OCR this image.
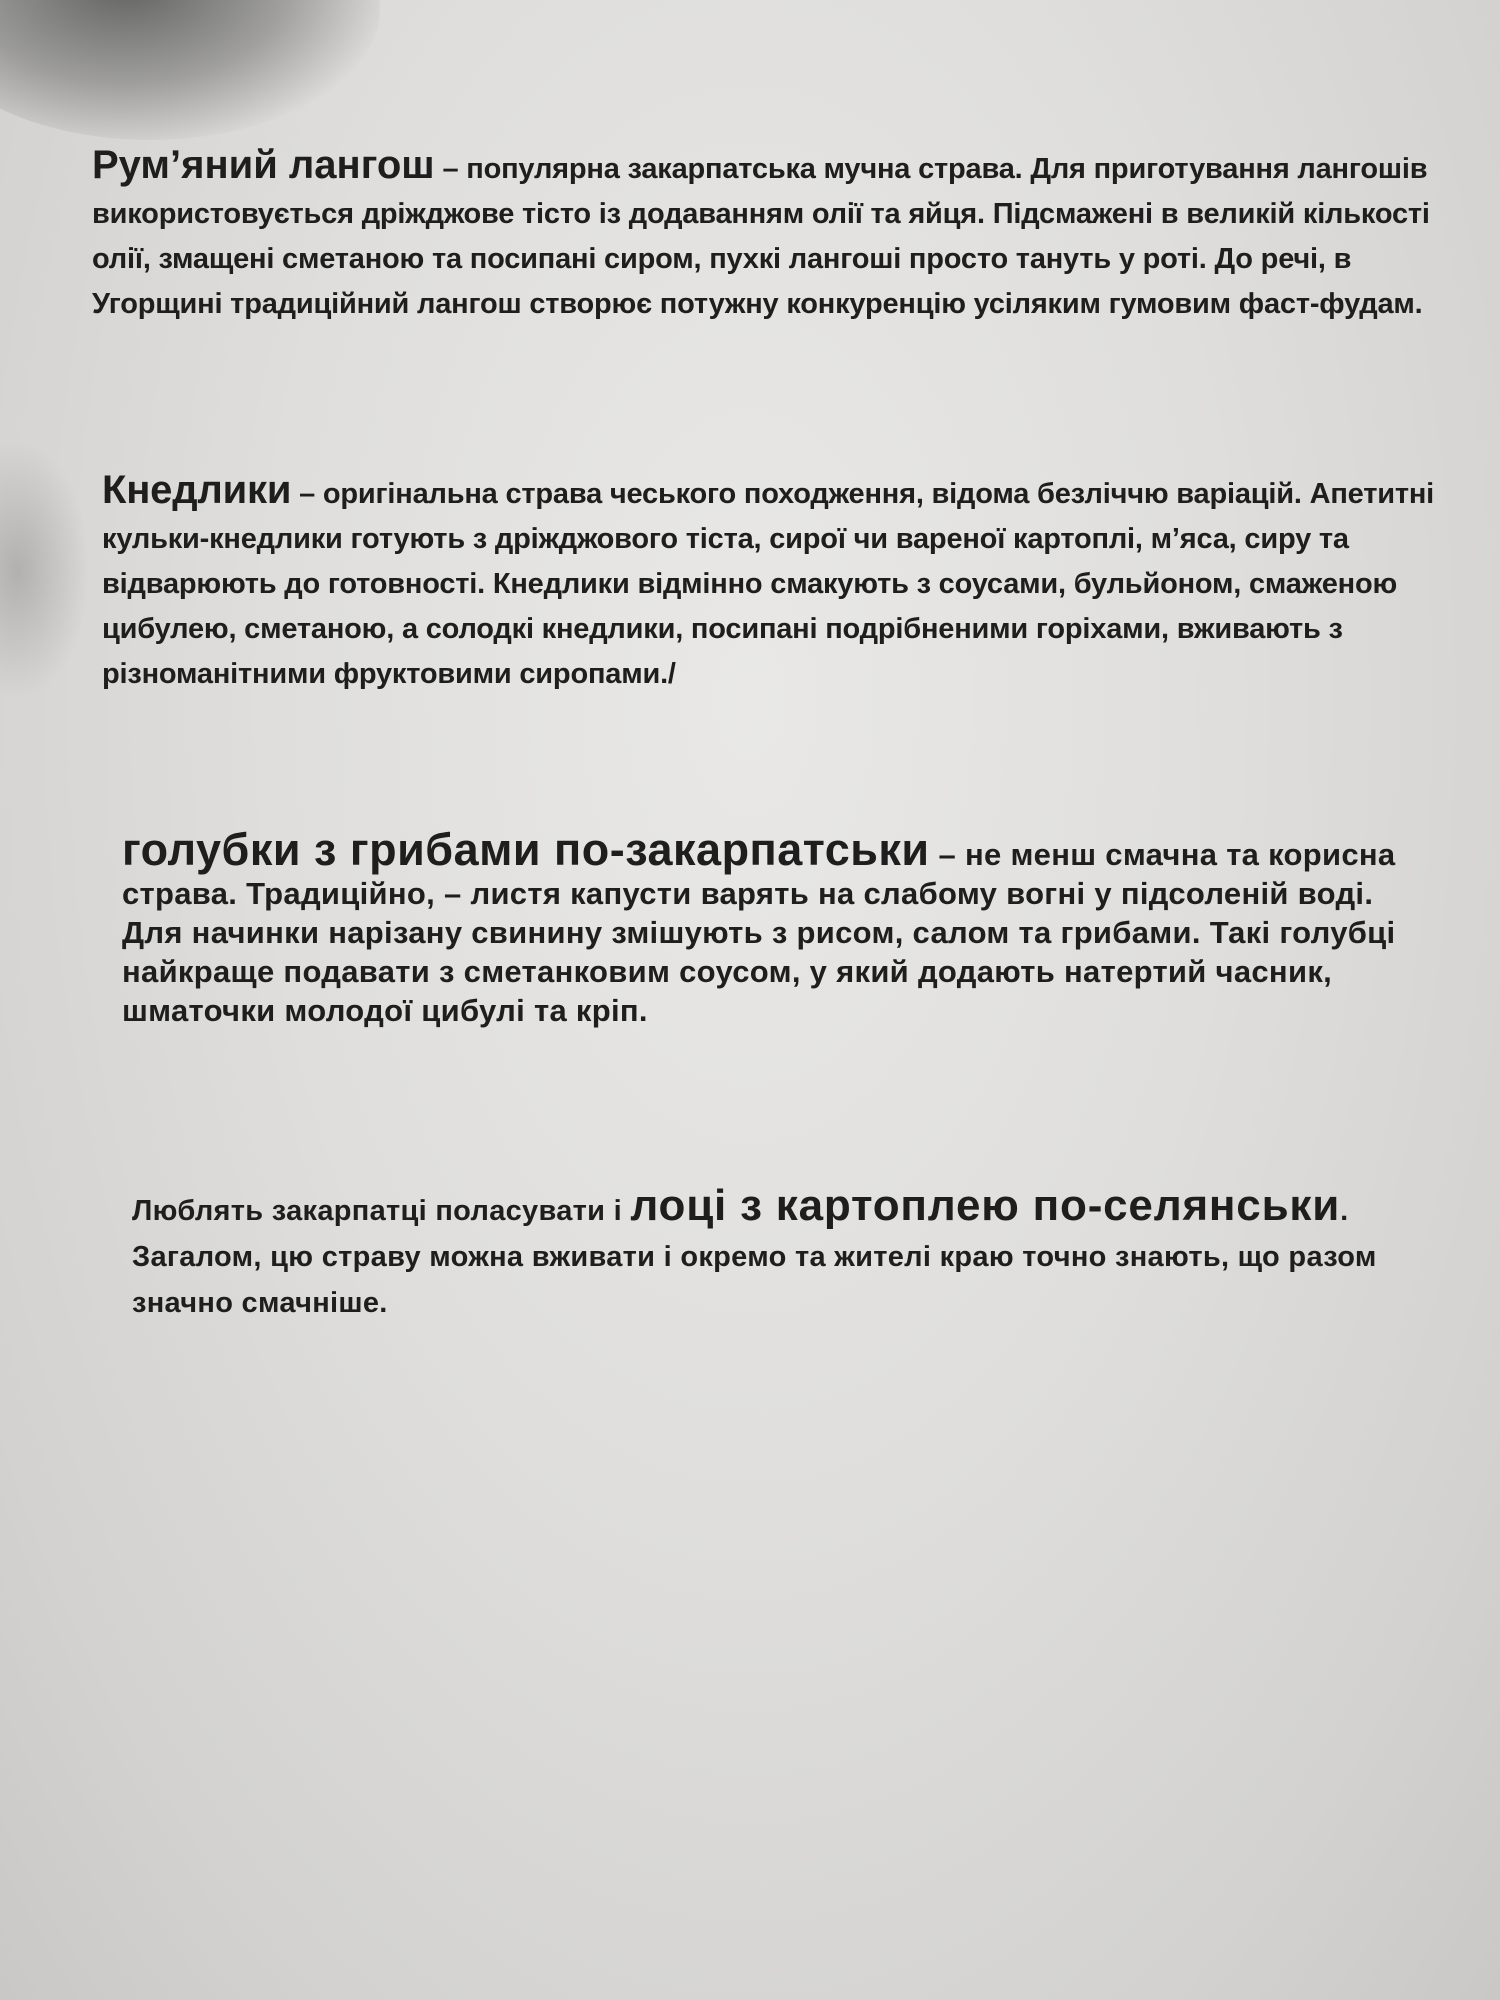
Рум’яний лангош – популярна закарпатська мучна страва. Для приготування лангошів використовується дріжджове тісто із додаванням олії та яйця. Підсмажені в великій кількості олії, змащені сметаною та посипані сиром, пухкі лангоші просто тануть у роті. До речі, в Угорщині традиційний лангош створює потужну конкуренцію усіляким гумовим фаст-фудам.
Кнедлики – оригінальна страва чеського походження, відома безліччю варіацій. Апетитні кульки-кнедлики готують з дріжджового тіста, сирої чи вареної картоплі, м’яса, сиру та відварюють до готовності. Кнедлики відмінно смакують з соусами, бульйоном, смаженою цибулею, сметаною, а солодкі кнедлики, посипані подрібненими горіхами, вживають з різноманітними фруктовими сиропами./
голубки з грибами по-закарпатськи – не менш смачна та корисна страва. Традиційно, – листя капусти варять на слабому вогні у підсоленій воді. Для начинки нарізану свинину змішують з рисом, салом та грибами. Такі голубці найкраще подавати з сметанковим соусом, у який додають натертий часник, шматочки молодої цибулі та кріп.
Люблять закарпатці поласувати і лоці з картоплею по-селянськи. Загалом, цю страву можна вживати і окремо та жителі краю точно знають, що разом значно смачніше.
